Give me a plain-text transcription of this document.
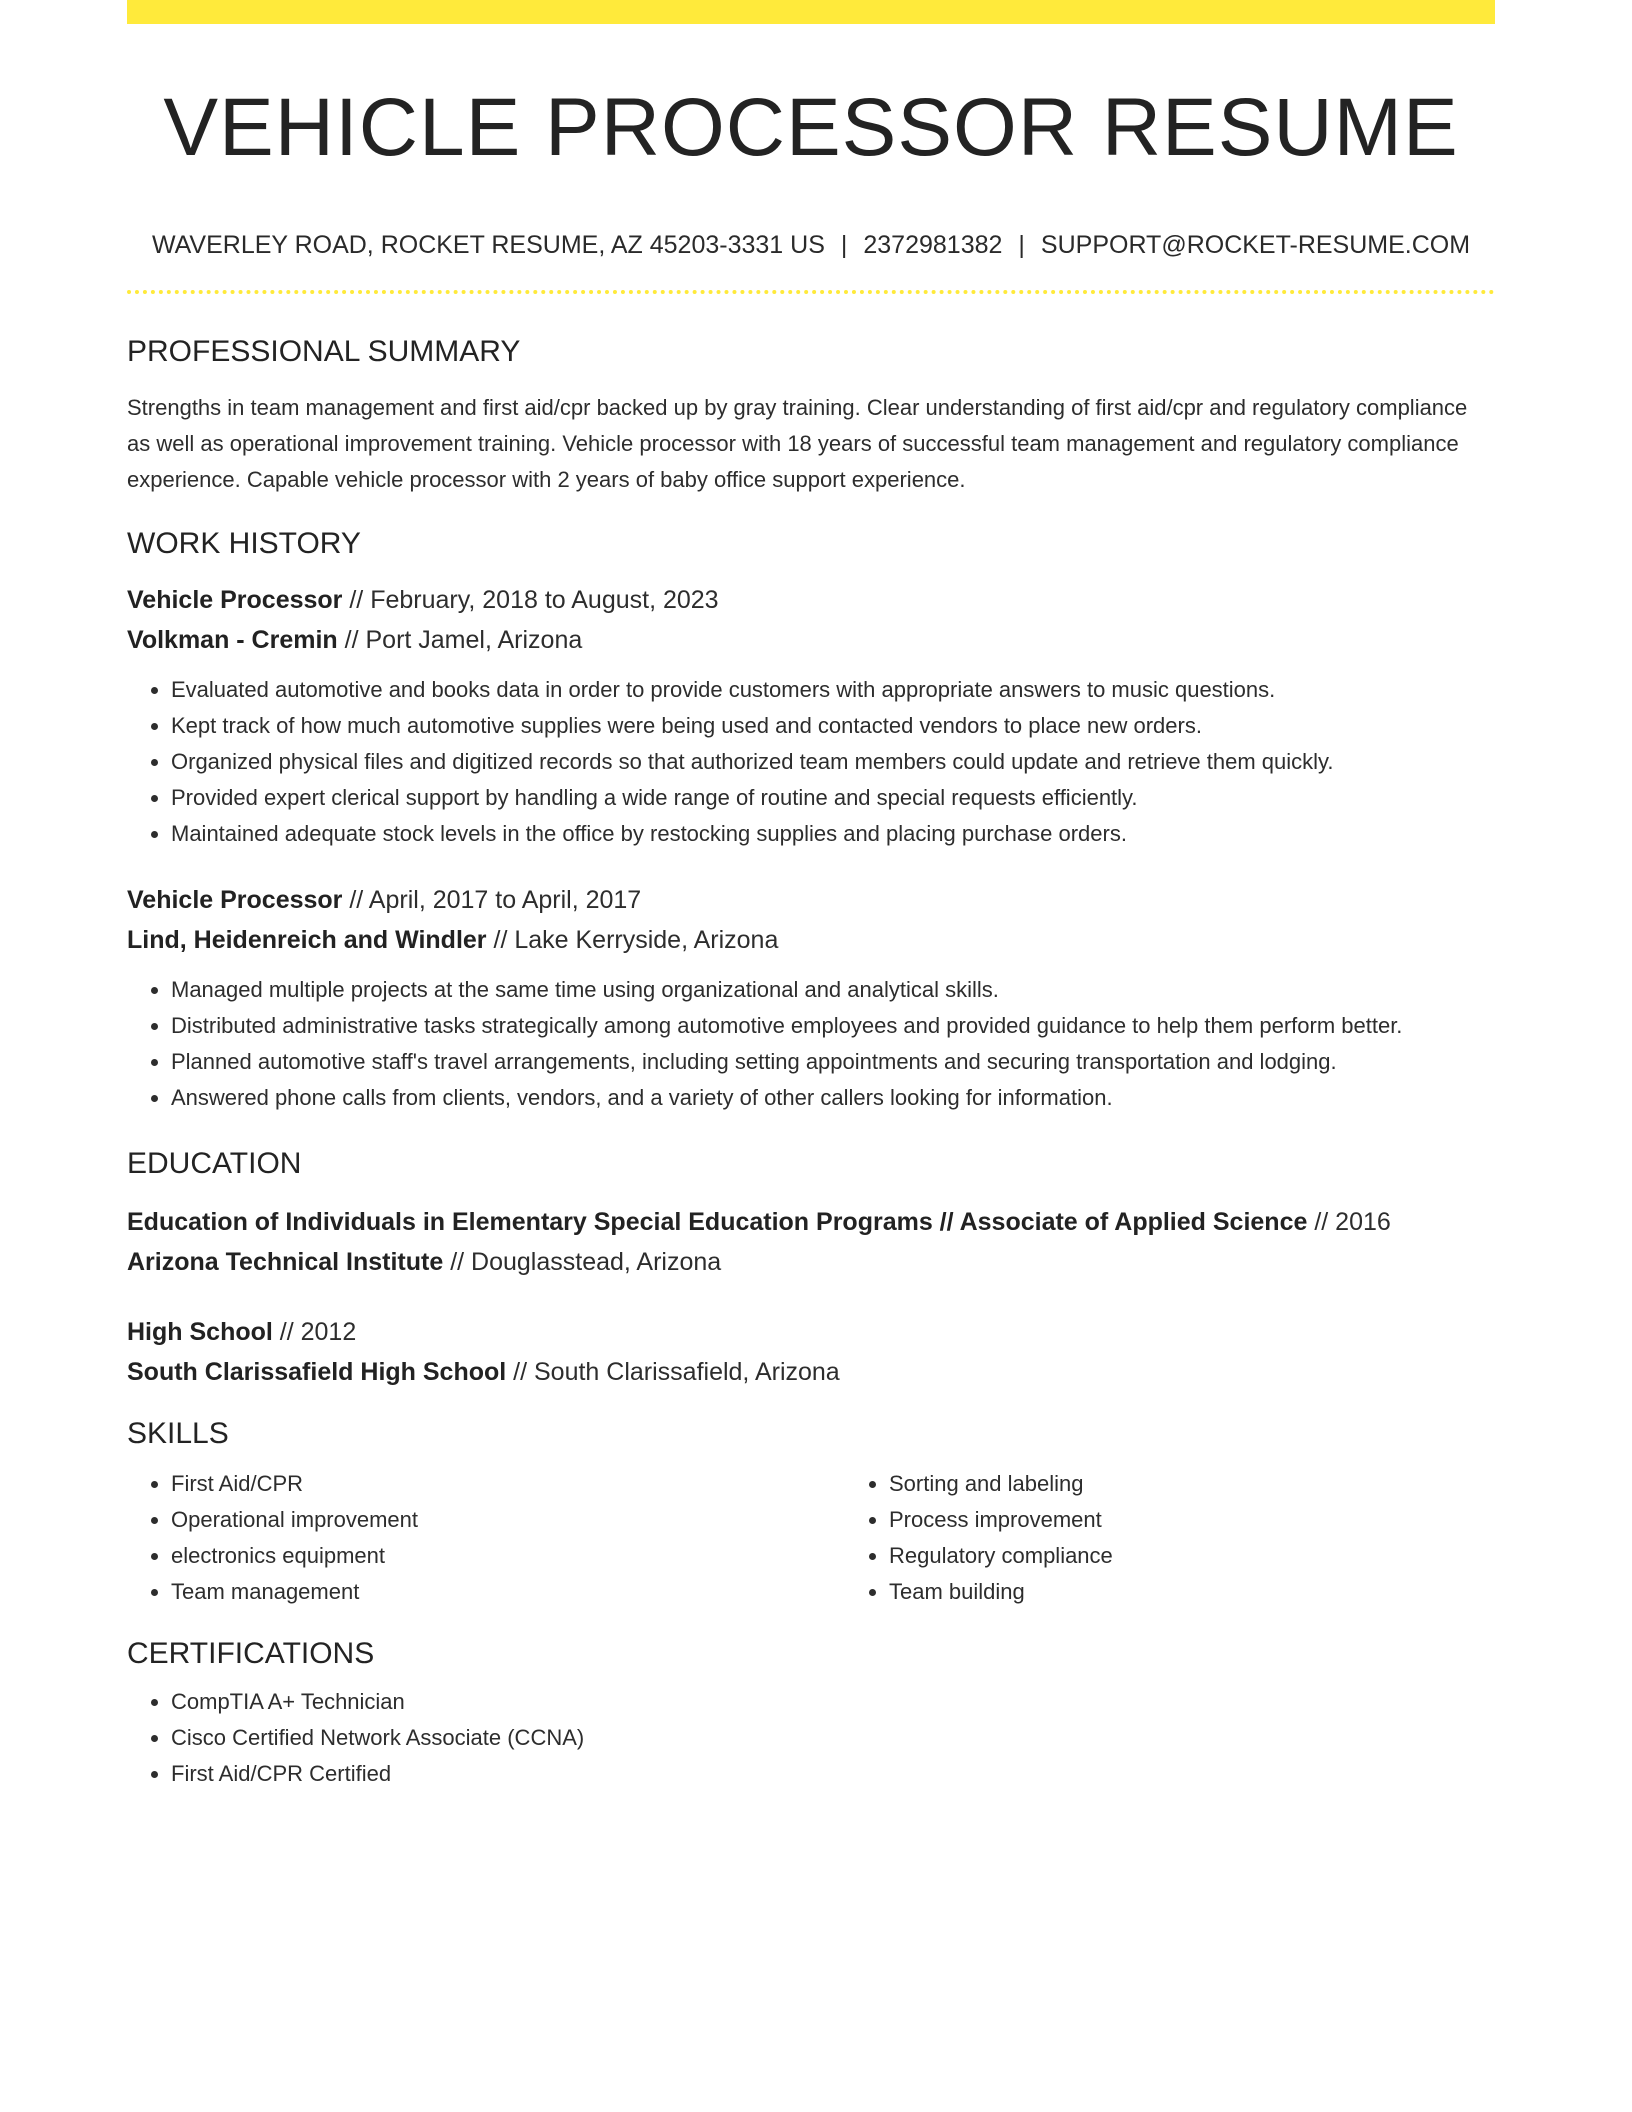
VEHICLE PROCESSOR RESUME
WAVERLEY ROAD, ROCKET RESUME, AZ 45203-3331 US | 2372981382 | SUPPORT@ROCKET-RESUME.COM
PROFESSIONAL SUMMARY
Strengths in team management and first aid/cpr backed up by gray training. Clear understanding of first aid/cpr and regulatory compliance as well as operational improvement training. Vehicle processor with 18 years of successful team management and regulatory compliance experience. Capable vehicle processor with 2 years of baby office support experience.
WORK HISTORY
Vehicle Processor // February, 2018 to August, 2023
Volkman - Cremin // Port Jamel, Arizona
• Evaluated automotive and books data in order to provide customers with appropriate answers to music questions.
• Kept track of how much automotive supplies were being used and contacted vendors to place new orders.
• Organized physical files and digitized records so that authorized team members could update and retrieve them quickly.
• Provided expert clerical support by handling a wide range of routine and special requests efficiently.
• Maintained adequate stock levels in the office by restocking supplies and placing purchase orders.
Vehicle Processor // April, 2017 to April, 2017
Lind, Heidenreich and Windler // Lake Kerryside, Arizona
• Managed multiple projects at the same time using organizational and analytical skills.
• Distributed administrative tasks strategically among automotive employees and provided guidance to help them perform better.
• Planned automotive staff's travel arrangements, including setting appointments and securing transportation and lodging.
• Answered phone calls from clients, vendors, and a variety of other callers looking for information.
EDUCATION
Education of Individuals in Elementary Special Education Programs // Associate of Applied Science // 2016
Arizona Technical Institute // Douglasstead, Arizona
High School // 2012
South Clarissafield High School // South Clarissafield, Arizona
SKILLS
• First Aid/CPR
• Operational improvement
• electronics equipment
• Team management
• Sorting and labeling
• Process improvement
• Regulatory compliance
• Team building
CERTIFICATIONS
• CompTIA A+ Technician
• Cisco Certified Network Associate (CCNA)
• First Aid/CPR Certified
